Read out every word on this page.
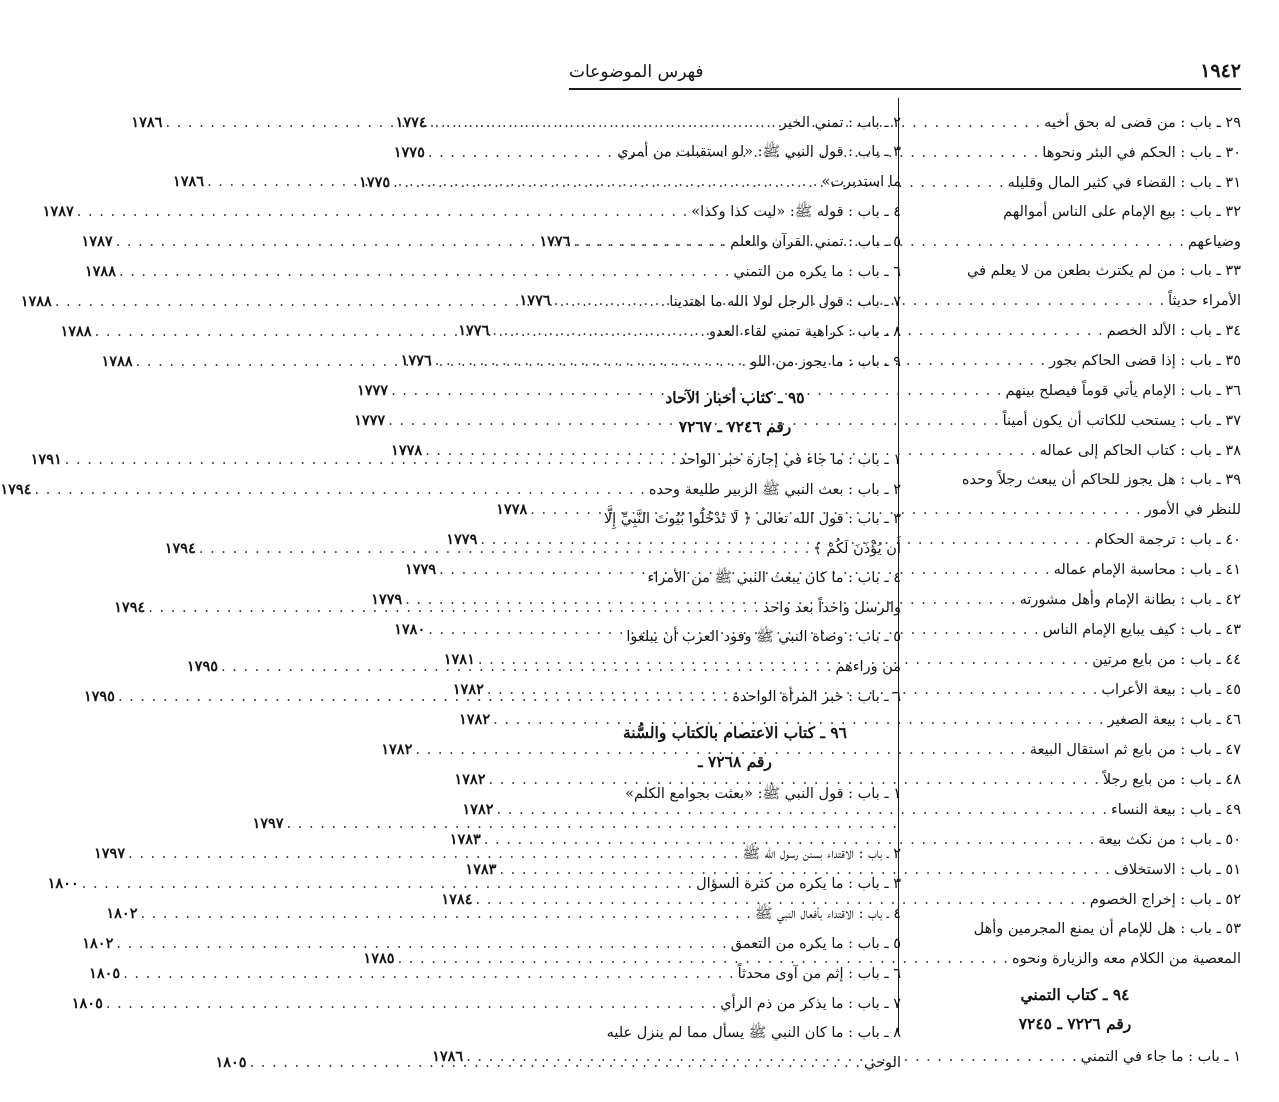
١٩٤٢
فهرس الموضوعات
٢٩ ـ باب : من قضى له بحق أخيه
. . .
١٧٧٤
٣٠ ـ باب : الحكم في البئر ونحوها
. . .
١٧٧٥
٣١ ـ باب : القضاء في كثير المال وقليله
. . .
١٧٧٥
٣٢ ـ باب : بيع الإمام على الناس أموالهم
وضياعهم
. . .
١٧٧٦
٣٣ ـ باب : من لم يكترث بطعن من لا يعلم في
الأمراء حديثاً
. . .
١٧٧٦
٣٤ ـ باب : الألد الخصم
. . .
١٧٧٦
٣٥ ـ باب : إذا قضى الحاكم بجور
. . .
١٧٧٦
٣٦ ـ باب : الإمام يأتي قوماً فيصلح بينهم
. . .
١٧٧٧
٣٧ ـ باب : يستحب للكاتب أن يكون أميناً
. . .
١٧٧٧
٣٨ ـ باب : كتاب الحاكم إلى عماله
. . .
١٧٧٨
٣٩ ـ باب : هل يجوز للحاكم أن يبعث رجلاً وحده
للنظر في الأمور
. . .
١٧٧٨
٤٠ ـ باب : ترجمة الحكام
. . .
١٧٧٩
٤١ ـ باب : محاسبة الإمام عماله
. . .
١٧٧٩
٤٢ ـ باب : بطانة الإمام وأهل مشورته
. . .
١٧٧٩
٤٣ ـ باب : كيف يبايع الإمام الناس
. . .
١٧٨٠
٤٤ ـ باب : من بايع مرتين
. . .
١٧٨١
٤٥ ـ باب : بيعة الأعراب
. . .
١٧٨٢
٤٦ ـ باب : بيعة الصغير
. . .
١٧٨٢
٤٧ ـ باب : من بايع ثم استقال البيعة
. . .
١٧٨٢
٤٨ ـ باب : من بايع رجلاً
. . .
١٧٨٢
٤٩ ـ باب : بيعة النساء
. . .
١٧٨٢
٥٠ ـ باب : من نكث بيعة
. . .
١٧٨٣
٥١ ـ باب : الاستخلاف
. . .
١٧٨٣
٥٢ ـ باب : إخراج الخصوم
. . .
١٧٨٤
٥٣ ـ باب : هل للإمام أن يمنع المجرمين وأهل
المعصية من الكلام معه والزيارة ونحوه
. . .
١٧٨٥
٩٤ ـ كتاب التمني
رقم ٧٢٢٦ ـ ٧٢٤٥
١ ـ باب : ما جاء في التمني
. . .
١٧٨٦
٢ ـ باب : تمني الخير
. . .
١٧٨٦
٣ ـ باب : قول النبي ﷺ: «لو استقبلت من أمري
ما استدبرت»
. . .
١٧٨٦
٤ ـ باب : قوله ﷺ: «ليت كذا وكذا»
. . .
١٧٨٧
٥ ـ باب : تمني القرآن والعلم
. . .
١٧٨٧
٦ ـ باب : ما يكره من التمني
. . .
١٧٨٨
٧ ـ باب : قول الرجل لولا الله ما اهتدينا
. . .
١٧٨٨
٨ ـ باب : كراهية تمني لقاء العدو
. . .
١٧٨٨
٩ ـ باب : ما يجوز من اللو
. . .
١٧٨٨
٩٥ ـ كتاب أخبار الآحاد
رقم ٧٢٤٦ ـ ٧٢٦٧
١ ـ باب : ما جاء في إجازة خبر الواحد
. . .
١٧٩١
٢ ـ باب : بعث النبي ﷺ الزبير طليعة وحده
. . .
١٧٩٤
٣ ـ باب : قول الله تعالى ﴿ لَا تَدْخُلُوا بُيُوتَ النَّبِيِّ إِلَّا
أَن يُؤْذَنَ لَكُمْ ﴾
. . .
١٧٩٤
٤ ـ باب : ما كان يبعث النبي ﷺ من الأمراء
والرسل واحداً بعد واحد
. . .
١٧٩٤
٥ ـ باب : وصاة النبي ﷺ وفود العرب أن يبلغوا
من وراءهم
. . .
١٧٩٥
٦ ـ باب : خبر المرأة الواحدة
. . .
١٧٩٥
٩٦ ـ كتاب الاعتصام بالكتاب والسُّنة
رقم ٧٢٦٨ ـ
١ ـ باب : قول النبي ﷺ: «بعثت بجوامع الكلم»
. . .
١٧٩٧
٢ ـ باب : الاقتداء بسنن رسول الله ﷺ
. . .
١٧٩٧
٣ ـ باب : ما يكره من كثرة السؤال
. . .
١٨٠٠
٤ ـ باب : الاقتداء بأفعال النبي ﷺ
. . .
١٨٠٢
٥ ـ باب : ما يكره من التعمق
. . .
١٨٠٢
٦ ـ باب : إثم من آوى محدثاً
. . .
١٨٠٥
٧ ـ باب : ما يذكر من ذم الرأي
. . .
١٨٠٥
٨ ـ باب : ما كان النبي ﷺ يسأل مما لم ينزل عليه
الوحي
. . .
١٨٠٥
